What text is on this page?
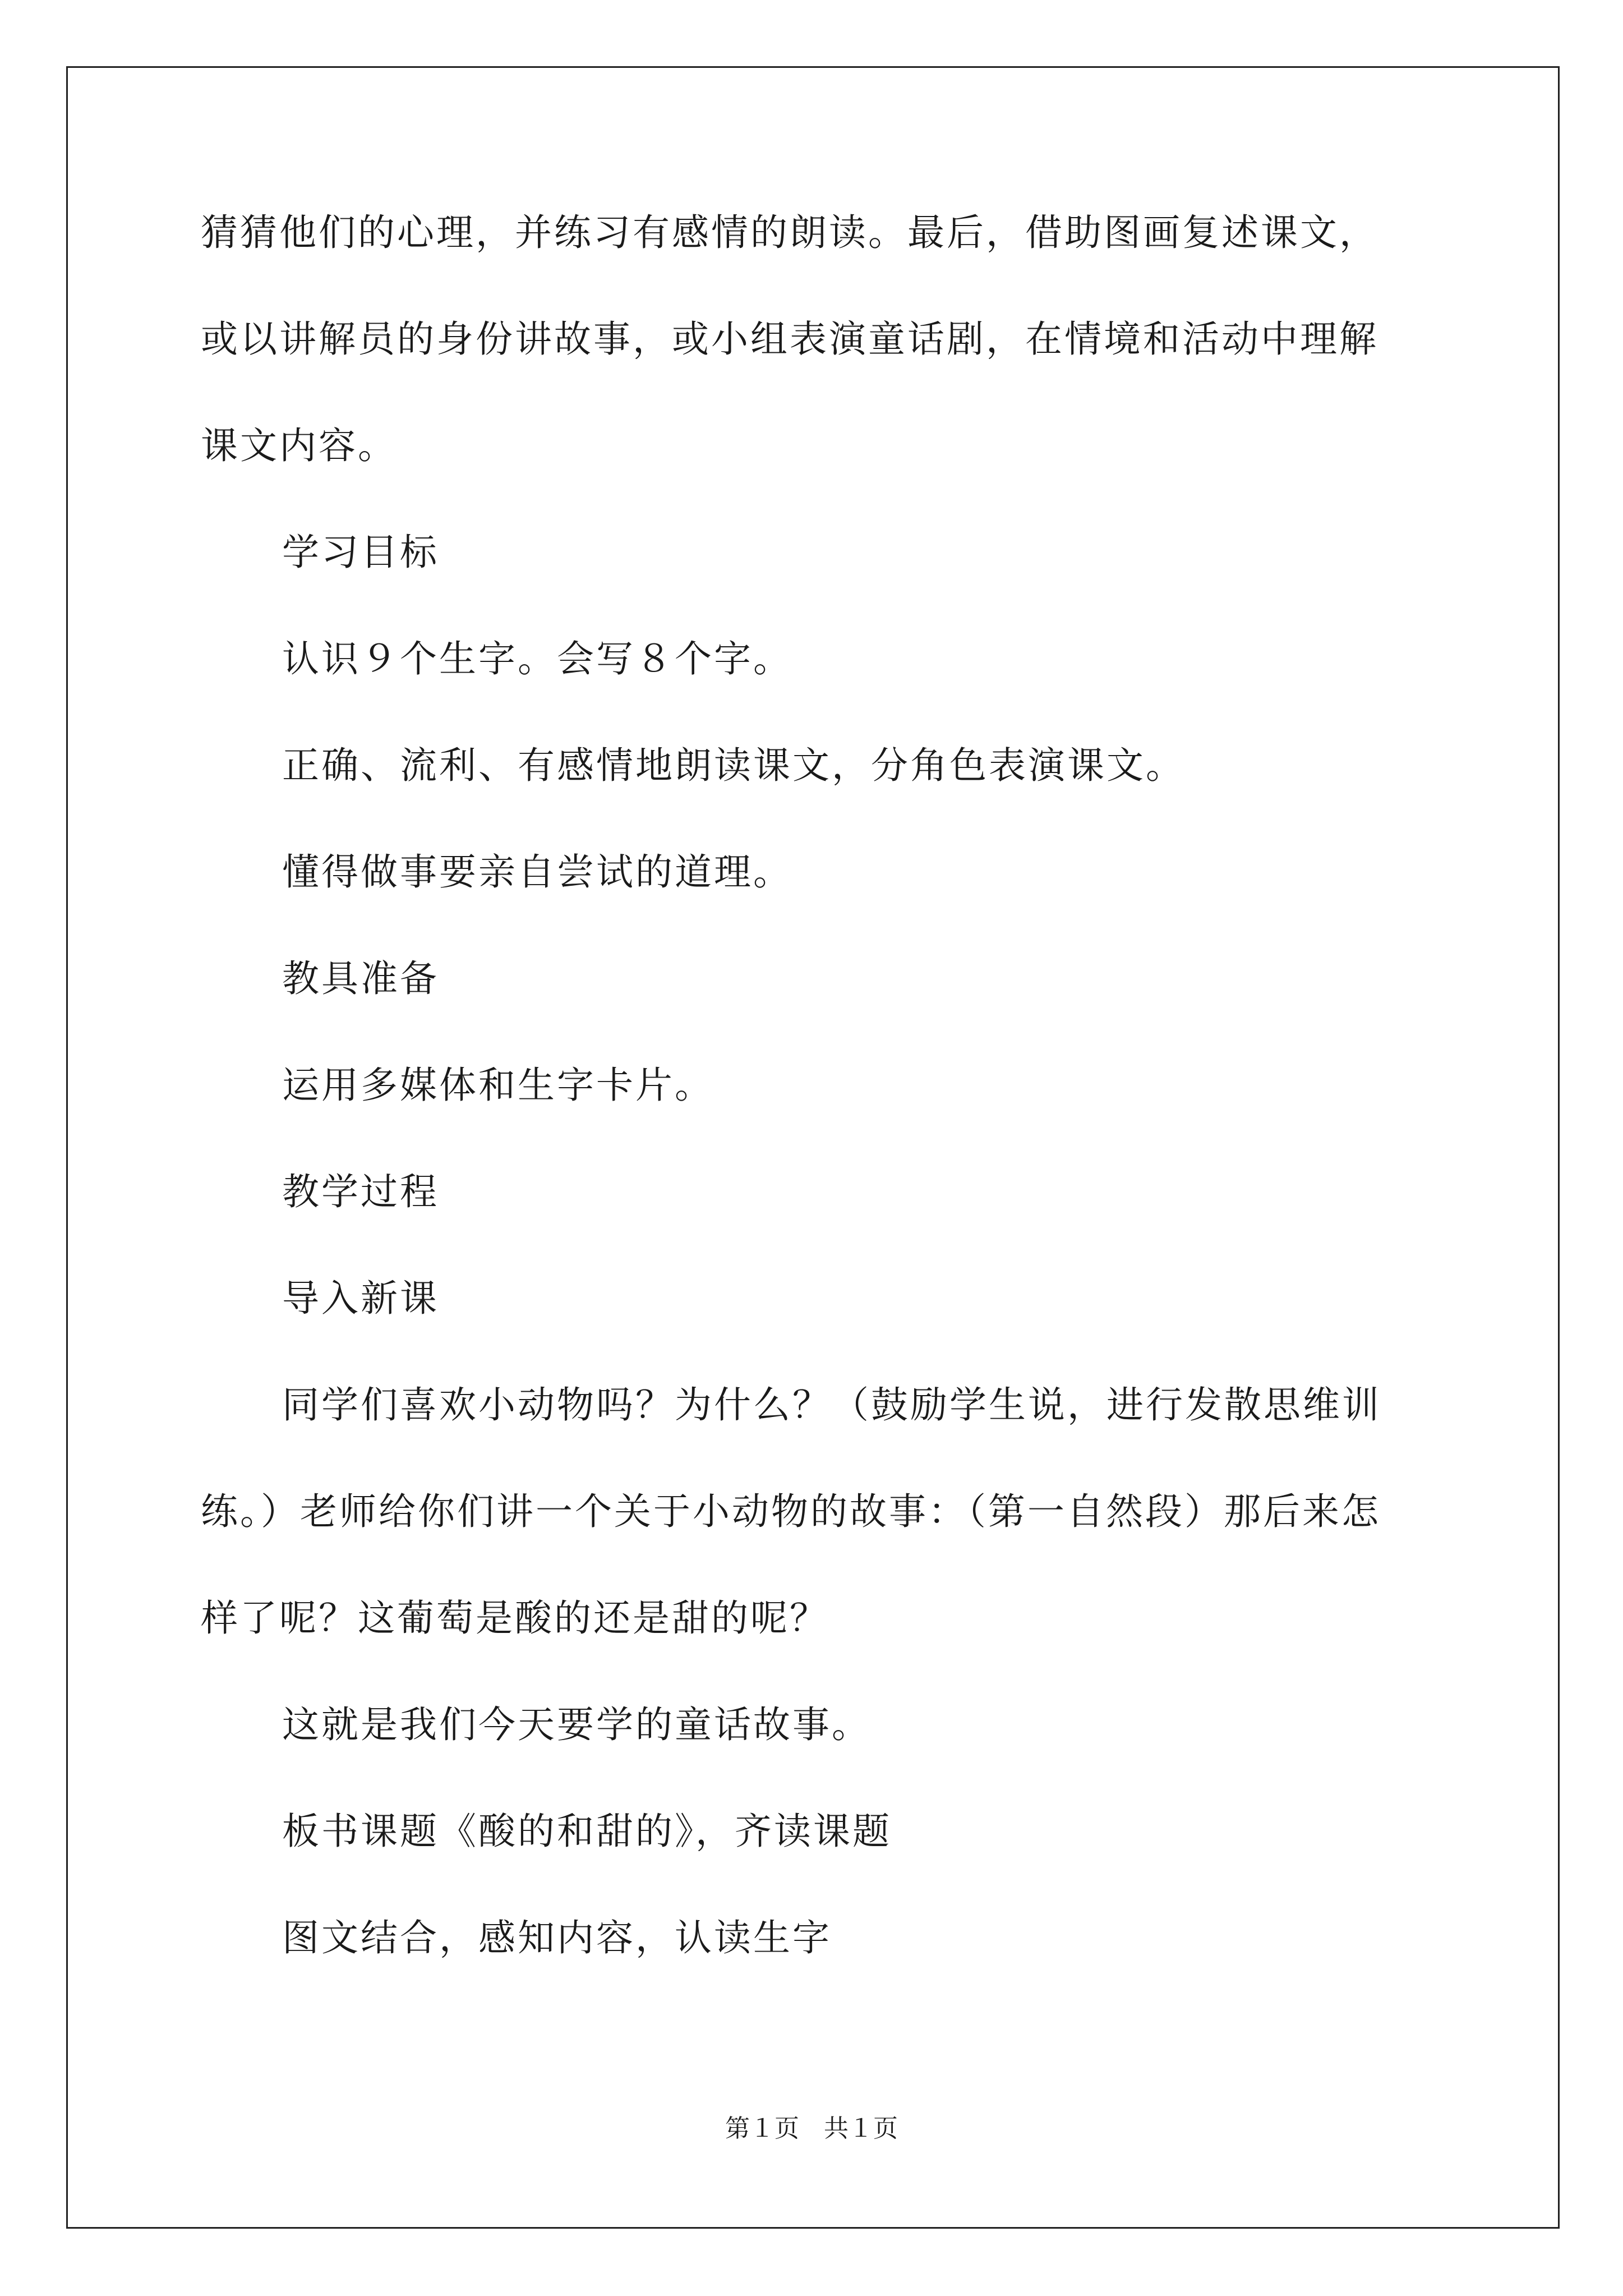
猜猜他们的心理，并练习有感情的朗读。最后，借助图画复述课文，

或以讲解员的身份讲故事，或小组表演童话剧，在情境和活动中理解

课文内容。

学习目标

认识９个生字。会写８个字。

正确、流利、有感情地朗读课文，分角色表演课文。

懂得做事要亲自尝试的道理。

教具准备

运用多媒体和生字卡片。

教学过程

导入新课

同学们喜欢小动物吗？为什么？（鼓励学生说，进行发散思维训

练。）老师给你们讲一个关于小动物的故事：（第一自然段）那后来怎

样了呢？这葡萄是酸的还是甜的呢？

这就是我们今天要学的童话故事。

板书课题《酸的和甜的》，齐读课题

图文结合，感知内容，认读生字

第１页　共１页
